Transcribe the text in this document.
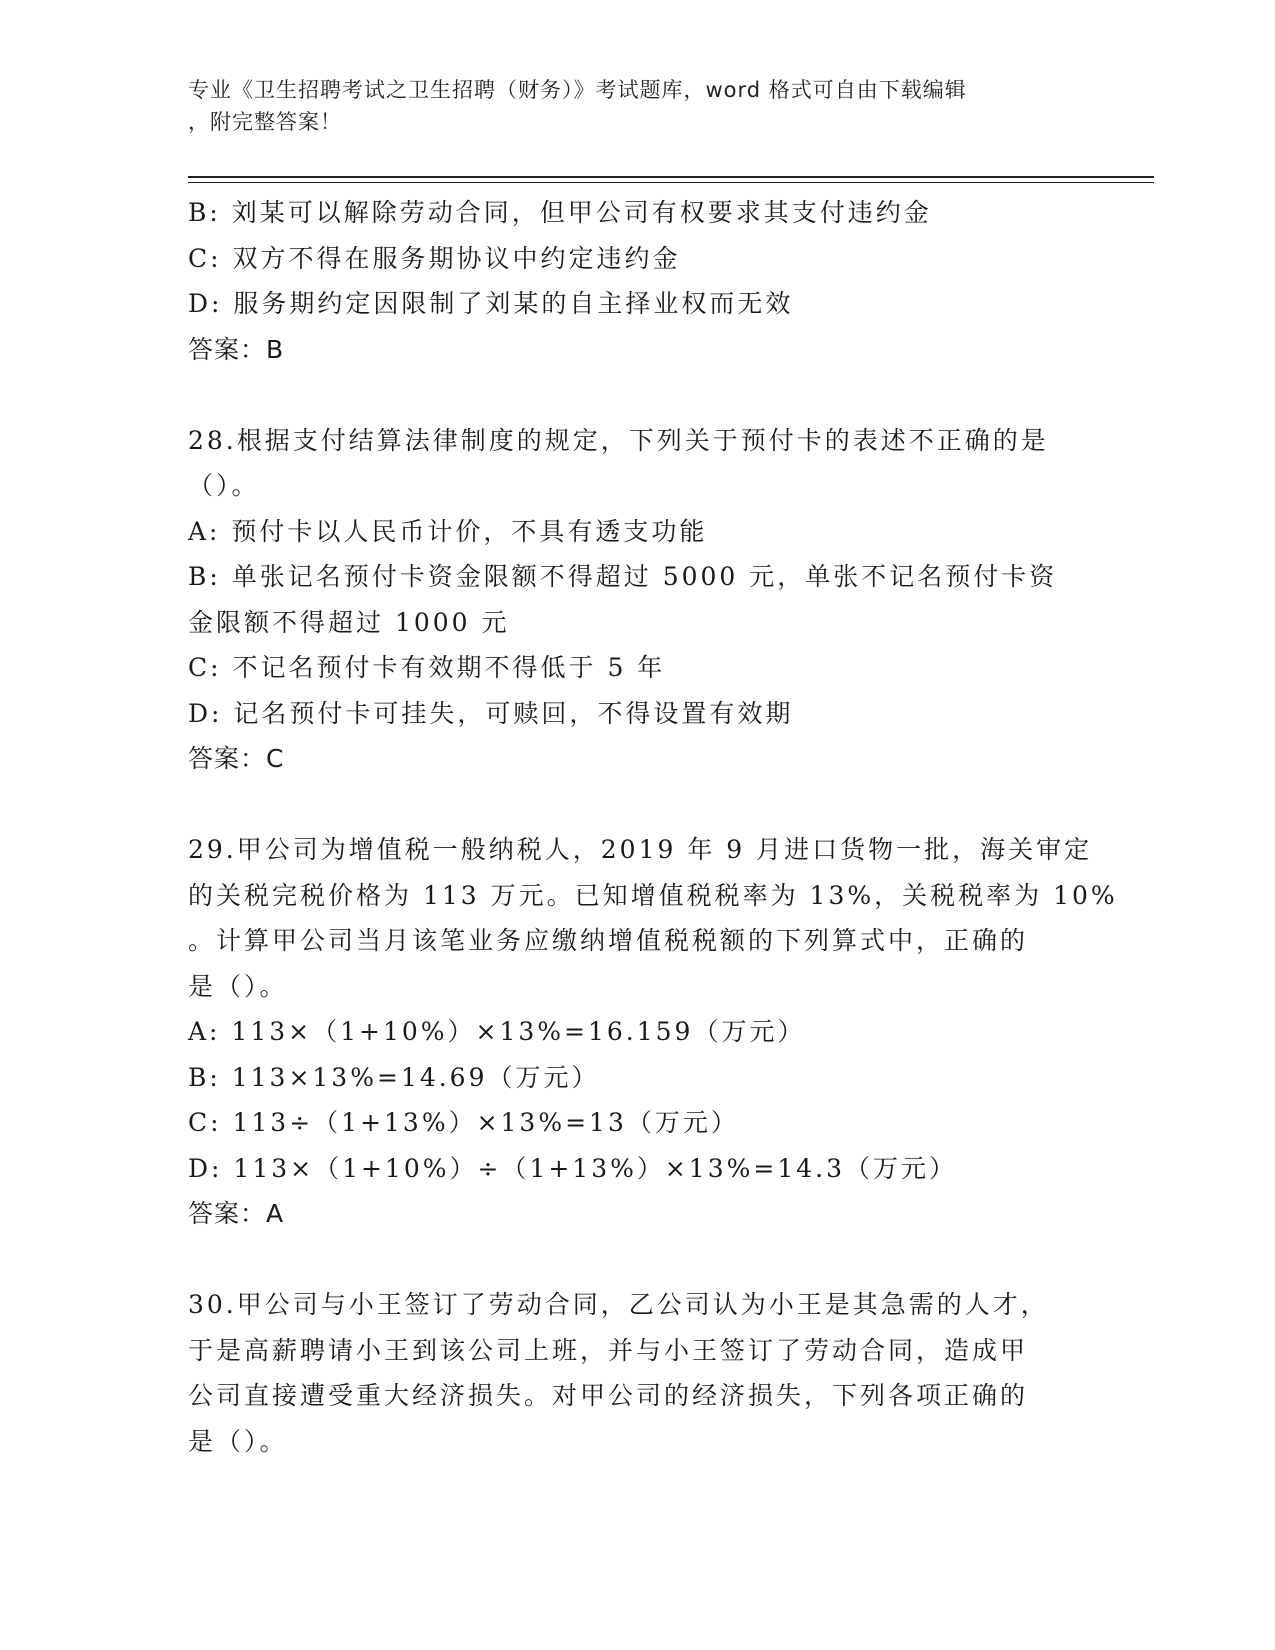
专业《卫生招聘考试之卫生招聘（财务）》考试题库，word 格式可自由下载编辑
，附完整答案！
B: 刘某可以解除劳动合同，但甲公司有权要求其支付违约金
C: 双方不得在服务期协议中约定违约金
D: 服务期约定因限制了刘某的自主择业权而无效
答案：B
28.根据支付结算法律制度的规定，下列关于预付卡的表述不正确的是
（）。
A: 预付卡以人民币计价，不具有透支功能
B: 单张记名预付卡资金限额不得超过 5000 元，单张不记名预付卡资
金限额不得超过 1000 元
C: 不记名预付卡有效期不得低于 5 年
D: 记名预付卡可挂失，可赎回，不得设置有效期
答案：C
29.甲公司为增值税一般纳税人，2019 年 9 月进口货物一批，海关审定
的关税完税价格为 113 万元。已知增值税税率为 13%，关税税率为 10%
。计算甲公司当月该笔业务应缴纳增值税税额的下列算式中，正确的
是（）。
A: 113×（1+10%）×13%=16.159（万元）
B: 113×13%=14.69（万元）
C: 113÷（1+13%）×13%=13（万元）
D: 113×（1+10%）÷（1+13%）×13%=14.3（万元）
答案：A
30.甲公司与小王签订了劳动合同，乙公司认为小王是其急需的人才，
于是高薪聘请小王到该公司上班，并与小王签订了劳动合同，造成甲
公司直接遭受重大经济损失。对甲公司的经济损失，下列各项正确的
是（）。
